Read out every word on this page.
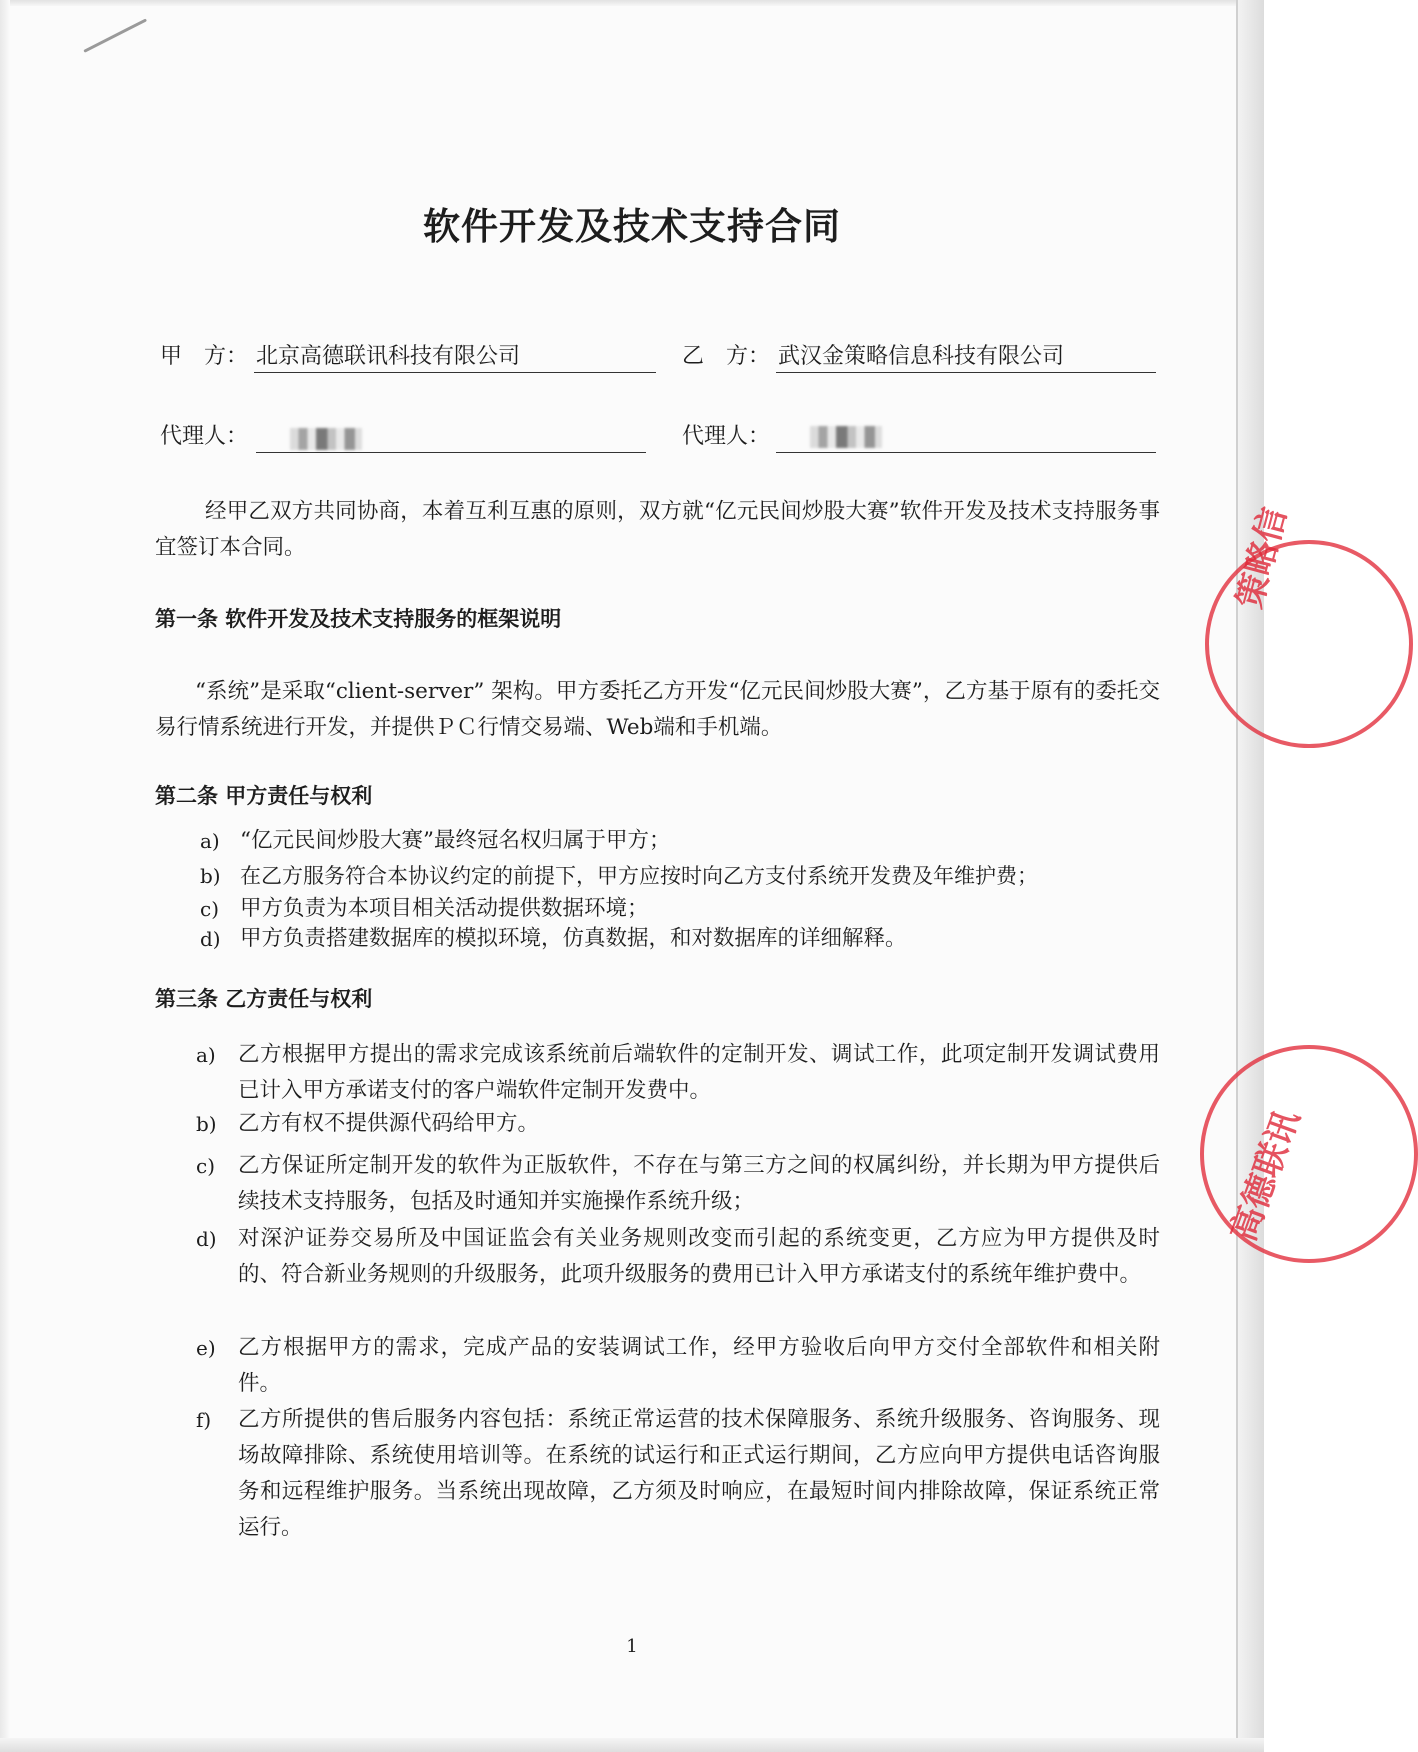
软件开发及技术支持合同
甲　方： 北京高德联讯科技有限公司	乙　方： 武汉金策略信息科技有限公司
代理人：	代理人：

经甲乙双方共同协商，本着互利互惠的原则，双方就“亿元民间炒股大赛”软件开发及技术支持服务事宜签订本合同。

第一条 软件开发及技术支持服务的框架说明

“系统”是采取“client-server” 架构。甲方委托乙方开发“亿元民间炒股大赛”，乙方基于原有的委托交易行情系统进行开发，并提供ＰＣ行情交易端、Web端和手机端。

第二条 甲方责任与权利
a) “亿元民间炒股大赛”最终冠名权归属于甲方；

b) 在乙方服务符合本协议约定的前提下，甲方应按时向乙方支付系统开发费及年维护费；

c) 甲方负责为本项目相关活动提供数据环境；

d) 甲方负责搭建数据库的模拟环境，仿真数据，和对数据库的详细解释。

第三条 乙方责任与权利
a) 乙方根据甲方提出的需求完成该系统前后端软件的定制开发、调试工作，此项定制开发调试费用已计入甲方承诺支付的客户端软件定制开发费中。

b) 乙方有权不提供源代码给甲方。

c) 乙方保证所定制开发的软件为正版软件，不存在与第三方之间的权属纠纷，并长期为甲方提供后续技术支持服务，包括及时通知并实施操作系统升级；

d) 对深沪证券交易所及中国证监会有关业务规则改变而引起的系统变更，乙方应为甲方提供及时的、符合新业务规则的升级服务，此项升级服务的费用已计入甲方承诺支付的系统年维护费中。

e) 乙方根据甲方的需求，完成产品的安装调试工作，经甲方验收后向甲方交付全部软件和相关附件。

f) 乙方所提供的售后服务内容包括：系统正常运营的技术保障服务、系统升级服务、咨询服务、现场故障排除、系统使用培训等。在系统的试运行和正式运行期间，乙方应向甲方提供电话咨询服务和远程维护服务。当系统出现故障，乙方须及时响应，在最短时间内排除故障，保证系统正常运行。

1
策略信
高德联讯
